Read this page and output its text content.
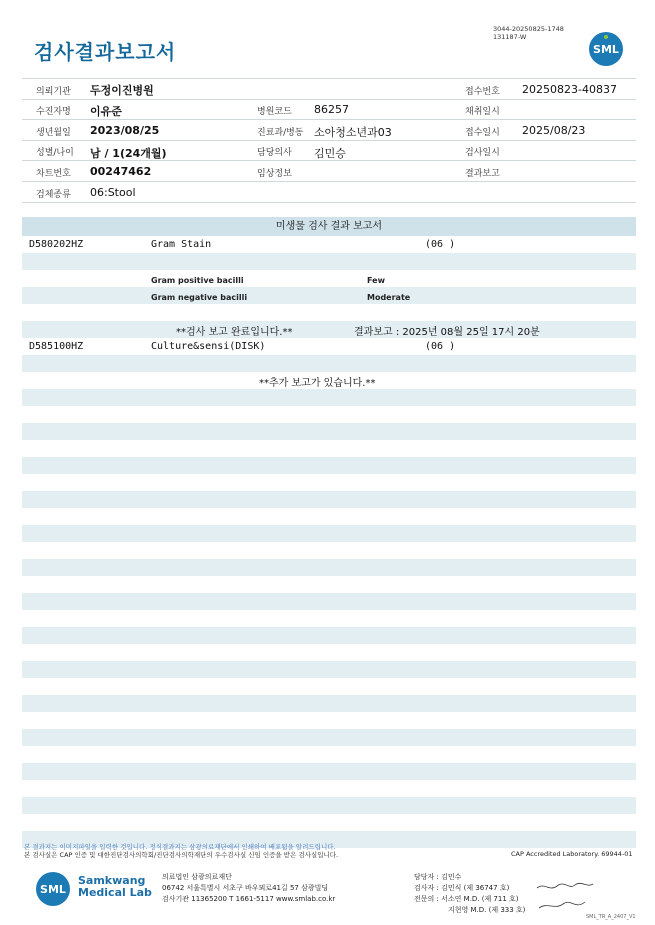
검사결과보고서
3044-20250825-1748
131187-W
SML
의뢰기관 두정이진병원	접수번호 20250823-40837
수진자명 이유준	병원코드 86257	채취일시
생년월일 2023/08/25	진료과/병동 소아청소년과03	접수일시 2025/08/23
성별/나이 남 / 1(24개월)	담당의사 김민승	검사일시
차트번호 00247462	임상정보	결과보고
검체종류 06:Stool
미생물 검사 결과 보고서
D580202HZ	Gram Stain	(06 )
Gram positive bacilli	Few
Gram negative bacilli	Moderate
**검사 보고 완료입니다.**	결과보고 : 2025년 08월 25일 17시 20분
D585100HZ	Culture&sensi(DISK)	(06 )
**추가 보고가 있습니다.**
본 결과지는 이미지파일을 입력한 것입니다. 정식결과지는 삼광의료재단에서 인쇄하여 배포됨을 알려드립니다.
본 검사실은 CAP 인증 및 대한진단검사의학회/진단검사의학재단의 우수검사실 신임 인증을 받은 검사실입니다.	CAP Accredited Laboratory. 69944-01
SML
Samkwang
Medical Lab
의료법인 삼광의료재단
06742 서울특별시 서초구 바우뫼로41길 57 삼광빌딩
검사기관 11365200 T 1661-5117 www.smlab.co.kr
담당자 : 김민수
검사자 : 김민식 (제 36747 호)
전문의 : 서소연 M.D. (제 711 호)
지현영 M.D. (제 333 호)
SML_TR_A_2407_V1
